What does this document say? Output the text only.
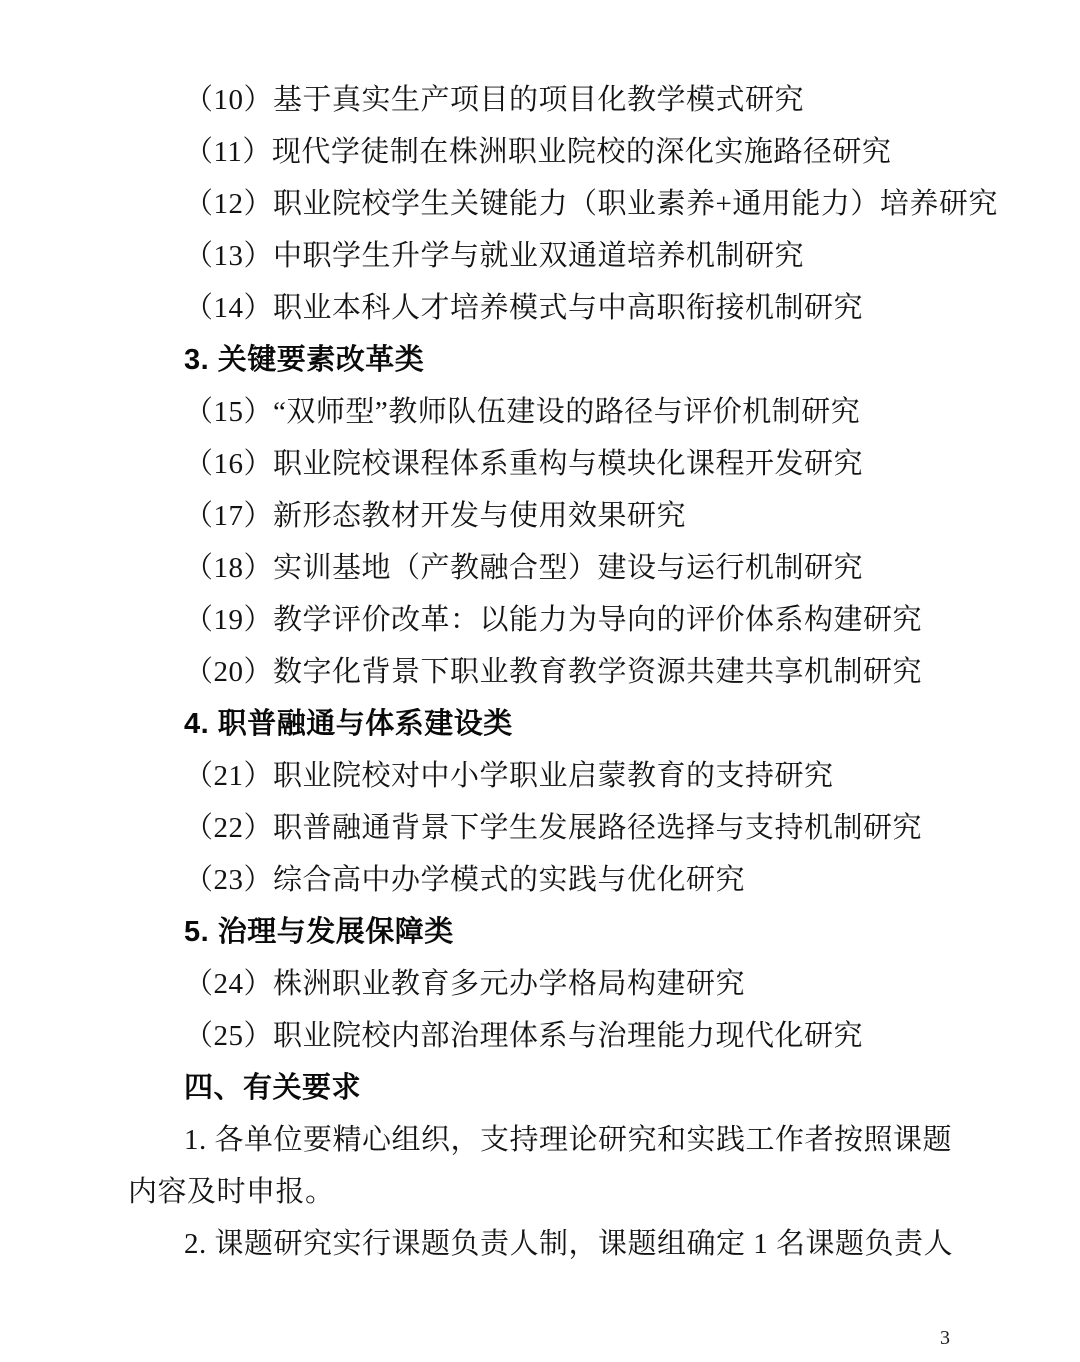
（10）基于真实生产项目的项目化教学模式研究
（11）现代学徒制在株洲职业院校的深化实施路径研究
（12）职业院校学生关键能力（职业素养+通用能力）培养研究
（13）中职学生升学与就业双通道培养机制研究
（14）职业本科人才培养模式与中高职衔接机制研究
3. 关键要素改革类
（15）“双师型”教师队伍建设的路径与评价机制研究
（16）职业院校课程体系重构与模块化课程开发研究
（17）新形态教材开发与使用效果研究
（18）实训基地（产教融合型）建设与运行机制研究
（19）教学评价改革：以能力为导向的评价体系构建研究
（20）数字化背景下职业教育教学资源共建共享机制研究
4. 职普融通与体系建设类
（21）职业院校对中小学职业启蒙教育的支持研究
（22）职普融通背景下学生发展路径选择与支持机制研究
（23）综合高中办学模式的实践与优化研究
5. 治理与发展保障类
（24）株洲职业教育多元办学格局构建研究
（25）职业院校内部治理体系与治理能力现代化研究
四、有关要求
1. 各单位要精心组织，支持理论研究和实践工作者按照课题
内容及时申报。
2. 课题研究实行课题负责人制，课题组确定 1 名课题负责人
3
